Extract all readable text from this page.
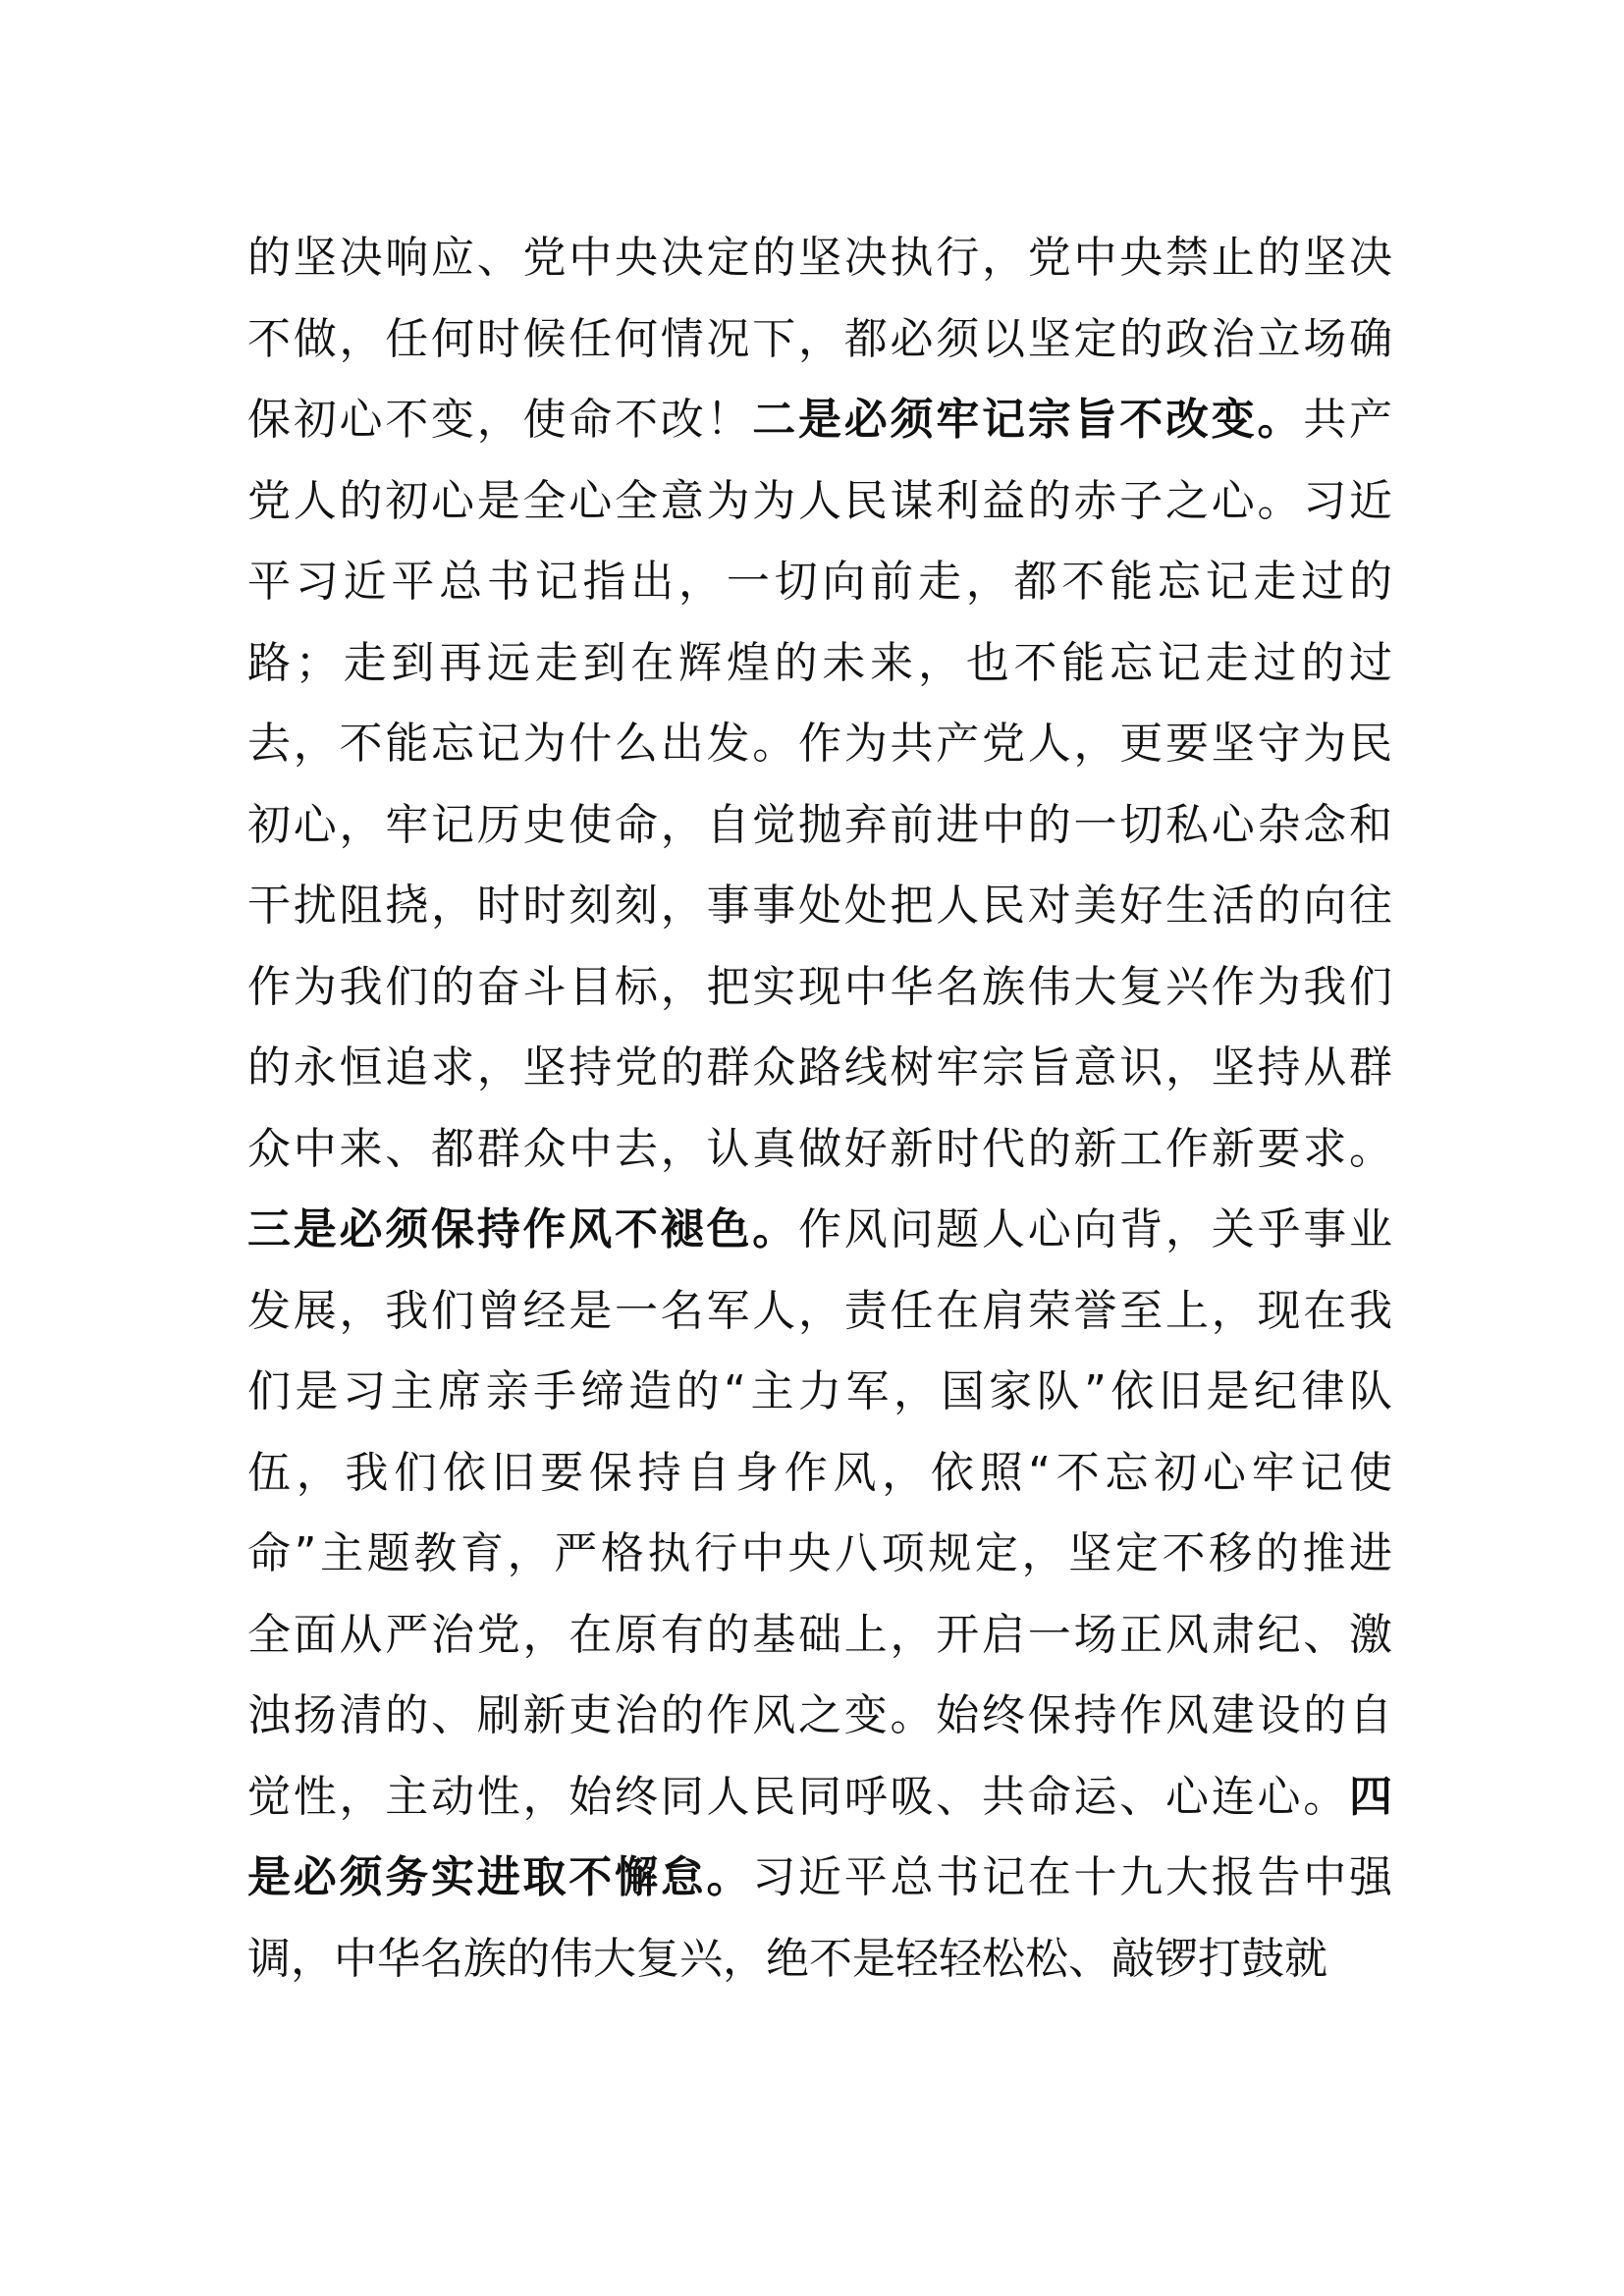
的坚决响应、党中央决定的坚决执行，党中央禁止的坚决
不做，任何时候任何情况下，都必须以坚定的政治立场确
保初心不变，使命不改！二是必须牢记宗旨不改变。共产
党人的初心是全心全意为为人民谋利益的赤子之心。习近
平习近平总书记指出，一切向前走，都不能忘记走过的
路；走到再远走到在辉煌的未来，也不能忘记走过的过
去，不能忘记为什么出发。作为共产党人，更要坚守为民
初心，牢记历史使命，自觉抛弃前进中的一切私心杂念和
干扰阻挠，时时刻刻，事事处处把人民对美好生活的向往
作为我们的奋斗目标，把实现中华名族伟大复兴作为我们
的永恒追求，坚持党的群众路线树牢宗旨意识，坚持从群
众中来、都群众中去，认真做好新时代的新工作新要求。
三是必须保持作风不褪色。作风问题人心向背，关乎事业
发展，我们曾经是一名军人，责任在肩荣誉至上，现在我
们是习主席亲手缔造的“主力军，国家队”依旧是纪律队
伍，我们依旧要保持自身作风，依照“不忘初心牢记使
命”主题教育，严格执行中央八项规定，坚定不移的推进
全面从严治党，在原有的基础上，开启一场正风肃纪、激
浊扬清的、刷新吏治的作风之变。始终保持作风建设的自
觉性，主动性，始终同人民同呼吸、共命运、心连心。四
是必须务实进取不懈怠。习近平总书记在十九大报告中强
调，中华名族的伟大复兴，绝不是轻轻松松、敲锣打鼓就
